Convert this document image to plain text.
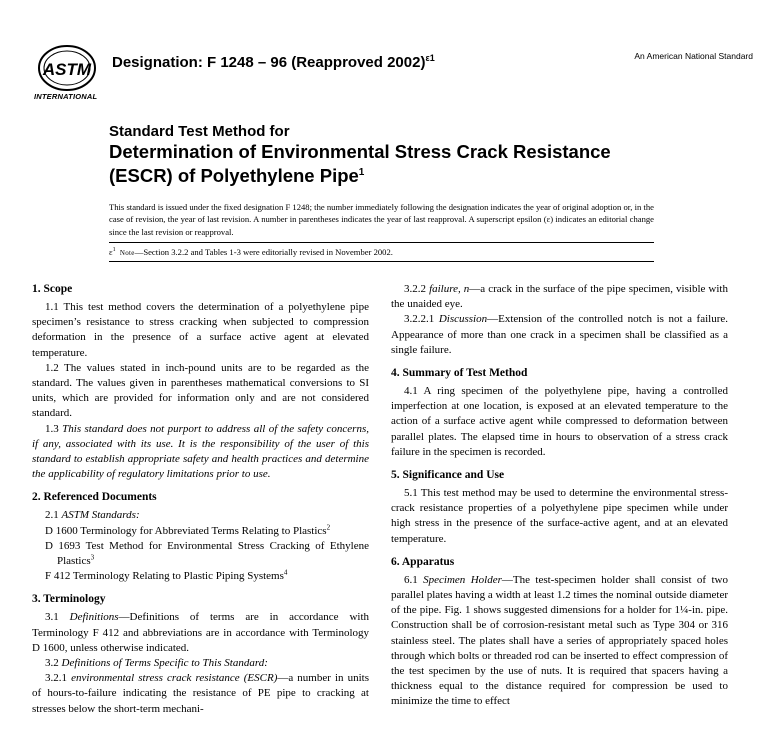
ASTM
INTERNATIONAL
Designation: F 1248 – 96 (Reapproved 2002)$^{\varepsilon 1}$	An American National Standard
Standard Test Method for
Determination of Environmental Stress Crack Resistance
(ESCR) of Polyethylene Pipe$^1$
This standard is issued under the fixed designation F 1248; the number immediately following the designation indicates the year of original adoption or, in the case of revision, the year of last revision. A number in parentheses indicates the year of last reapproval. A superscript epsilon (ε) indicates an editorial change since the last revision or reapproval.
$\varepsilon^1$ Note—Section 3.2.2 and Tables 1-3 were editorially revised in November 2002.
1. Scope

1.1 This test method covers the determination of a polyethylene pipe specimen’s resistance to stress cracking when subjected to compression deformation in the presence of a surface active agent at elevated temperature.

1.2 The values stated in inch-pound units are to be regarded as the standard. The values given in parentheses mathematical conversions to SI units, which are provided for information only and are not considered standard.

1.3 This standard does not purport to address all of the safety concerns, if any, associated with its use. It is the responsibility of the user of this standard to establish appropriate safety and health practices and determine the applicability of regulatory limitations prior to use.

2. Referenced Documents

2.1 ASTM Standards:

D 1600 Terminology for Abbreviated Terms Relating to Plastics$^2$

D 1693 Test Method for Environmental Stress Cracking of Ethylene Plastics$^3$

F 412 Terminology Relating to Plastic Piping Systems$^4$

3. Terminology

3.1 Definitions—Definitions of terms are in accordance with Terminology F 412 and abbreviations are in accordance with Terminology D 1600, unless otherwise indicated.

3.2 Definitions of Terms Specific to This Standard:

3.2.1 environmental stress crack resistance (ESCR)—a number in units of hours-to-failure indicating the resistance of PE pipe to cracking at stresses below the short-term mechani-

3.2.2 failure, n—a crack in the surface of the pipe specimen, visible with the unaided eye.

3.2.2.1 Discussion—Extension of the controlled notch is not a failure. Appearance of more than one crack in a specimen shall be classified as a single failure.

4. Summary of Test Method

4.1 A ring specimen of the polyethylene pipe, having a controlled imperfection at one location, is exposed at an elevated temperature to the action of a surface active agent while compressed to deformation between parallel plates. The elapsed time in hours to observation of a stress crack failure in the specimen is recorded.

5. Significance and Use

5.1 This test method may be used to determine the environmental stress-crack resistance properties of a polyethylene pipe specimen while under high stress in the presence of the surface-active agent, and at an elevated temperature.

6. Apparatus

6.1 Specimen Holder—The test-specimen holder shall consist of two parallel plates having a width at least 1.2 times the nominal outside diameter of the pipe. Fig. 1 shows suggested dimensions for a holder for 1¼-in. pipe. Construction shall be of corrosion-resistant metal such as Type 304 or 316 stainless steel. The plates shall have a series of appropriately spaced holes through which bolts or threaded rod can be inserted to effect compression of the test specimen by the use of nuts. It is required that spacers having a thickness equal to the distance required for compression be used to minimize the time to effect
